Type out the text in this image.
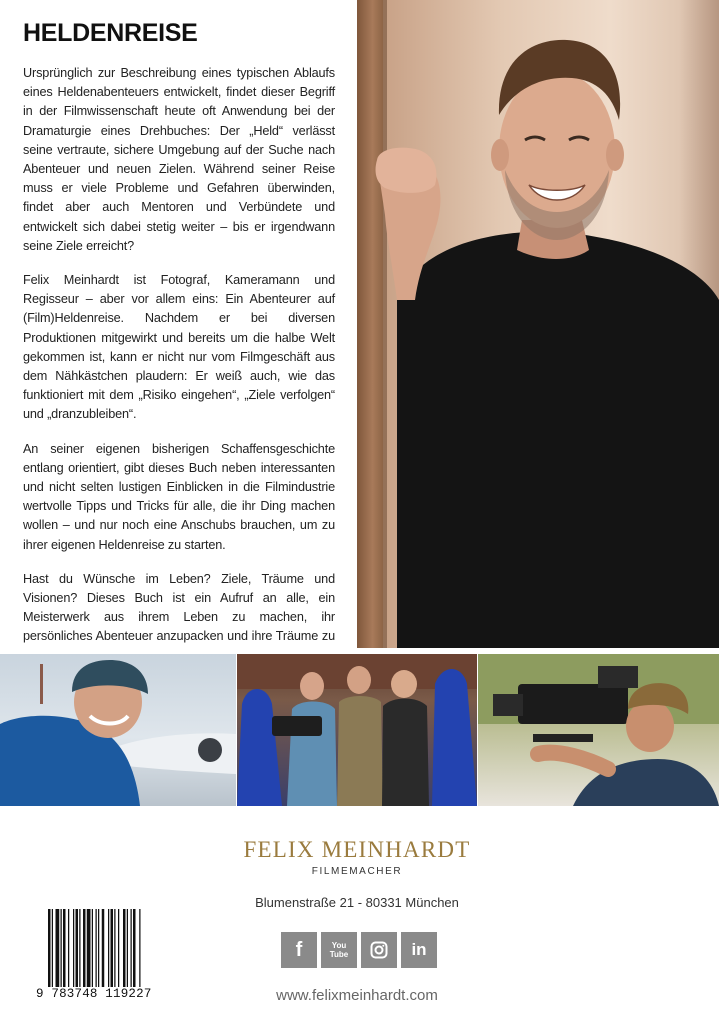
HELDENREISE

Ursprünglich zur Beschreibung eines typischen Ablaufs eines Heldenabenteuers entwickelt, findet dieser Begriff in der Filmwissenschaft heute oft Anwendung bei der Dramaturgie eines Drehbuches: Der „Held“ verlässt seine vertraute, sichere Umgebung auf der Suche nach Abenteuer und neuen Zielen. Während seiner Reise muss er viele Probleme und Gefahren überwinden, findet aber auch Mentoren und Verbündete und entwickelt sich dabei stetig weiter – bis er irgendwann seine Ziele erreicht?

Felix Meinhardt ist Fotograf, Kameramann und Regisseur – aber vor allem eins: Ein Abenteurer auf (Film)Heldenreise. Nachdem er bei diversen Produktionen mitgewirkt und bereits um die halbe Welt gekommen ist, kann er nicht nur vom Filmgeschäft aus dem Nähkästchen plaudern: Er weiß auch, wie das funktioniert mit dem „Risiko eingehen“, „Ziele verfolgen“ und „dranzubleiben“.

An seiner eigenen bisherigen Schaffensgeschichte entlang orientiert, gibt dieses Buch neben interessanten und nicht selten lustigen Einblicken in die Filmindustrie wertvolle Tipps und Tricks für alle, die ihr Ding machen wollen – und nur noch eine Anschubs brauchen, um zu ihrer eigenen Heldenreise zu starten.

Hast du Wünsche im Leben? Ziele, Träume und Visionen? Dieses Buch ist ein Aufruf an alle, ein Meisterwerk aus ihrem Leben zu machen, ihr persönliches Abenteuer anzupacken und ihre Träume zu

FELIX MEINHARDT
FILMEMACHER
Blumenstraße 21 - 80331 München
f	You Tube	in
www.felixmeinhardt.com
9 783748 119227
